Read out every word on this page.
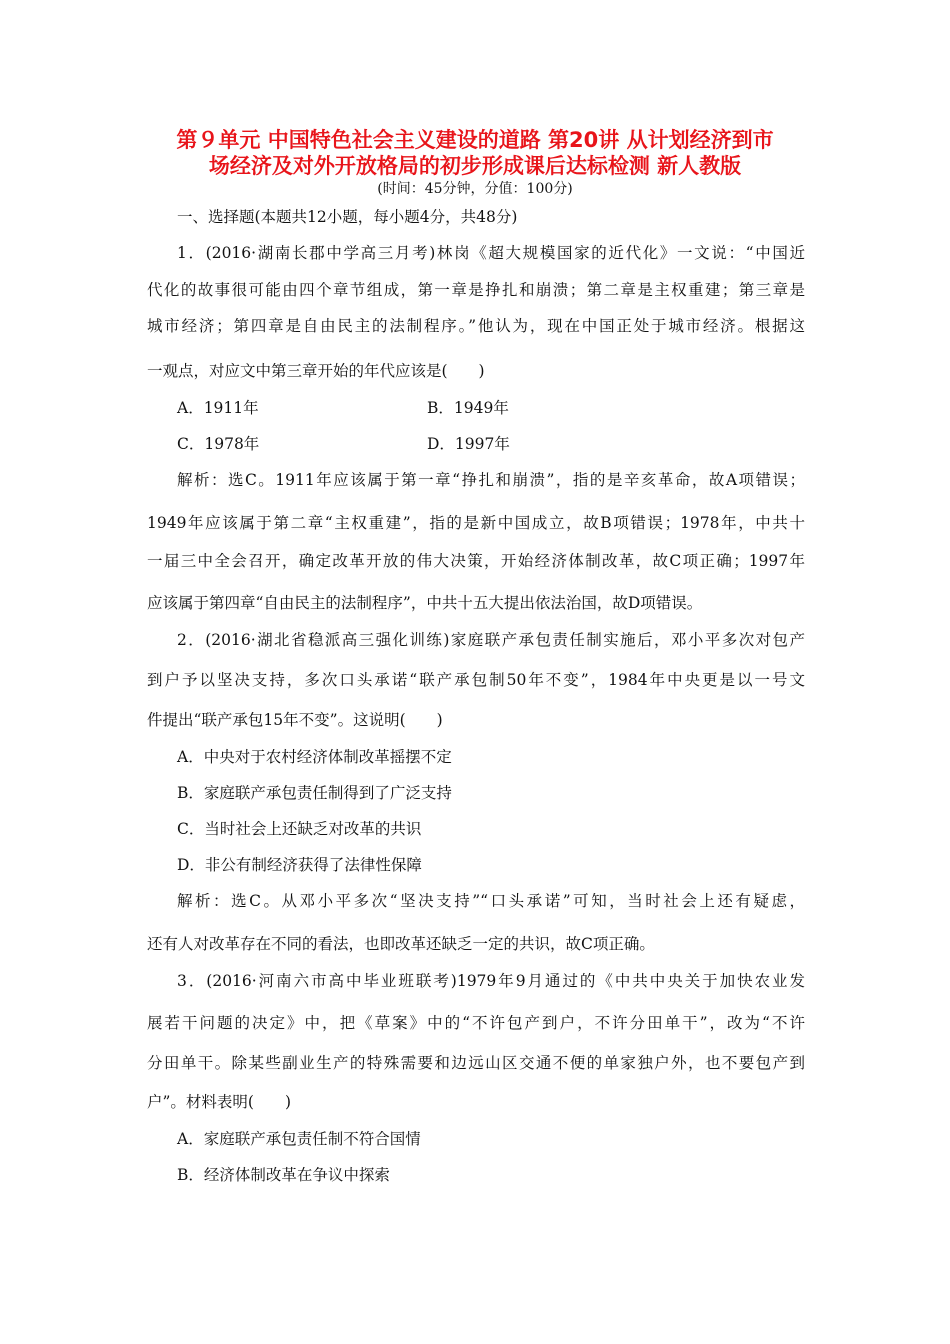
第９单元 中国特色社会主义建设的道路 第20讲 从计划经济到市
场经济及对外开放格局的初步形成课后达标检测 新人教版
(时间：45分钟，分值：100分)
一、选择题(本题共12小题，每小题4分，共48分)
1．(2016·湖南长郡中学高三月考)林岗《超大规模国家的近代化》一文说：“中国近
代化的故事很可能由四个章节组成，第一章是挣扎和崩溃；第二章是主权重建；第三章是
城市经济；第四章是自由民主的法制程序。”他认为，现在中国正处于城市经济。根据这
一观点，对应文中第三章开始的年代应该是(　　)
A．1911年	B．1949年
C．1978年	D．1997年
解析：选C。1911年应该属于第一章“挣扎和崩溃”，指的是辛亥革命，故A项错误；
1949年应该属于第二章“主权重建”，指的是新中国成立，故B项错误；1978年，中共十
一届三中全会召开，确定改革开放的伟大决策，开始经济体制改革，故C项正确；1997年
应该属于第四章“自由民主的法制程序”，中共十五大提出依法治国，故D项错误。
2．(2016·湖北省稳派高三强化训练)家庭联产承包责任制实施后，邓小平多次对包产
到户予以坚决支持，多次口头承诺“联产承包制50年不变”，1984年中央更是以一号文
件提出“联产承包15年不变”。这说明(　　)
A．中央对于农村经济体制改革摇摆不定
B．家庭联产承包责任制得到了广泛支持
C．当时社会上还缺乏对改革的共识
D．非公有制经济获得了法律性保障
解析：选C。从邓小平多次“坚决支持”“口头承诺”可知，当时社会上还有疑虑，
还有人对改革存在不同的看法，也即改革还缺乏一定的共识，故C项正确。
3．(2016·河南六市高中毕业班联考)1979年9月通过的《中共中央关于加快农业发
展若干问题的决定》中，把《草案》中的“不许包产到户，不许分田单干”，改为“不许
分田单干。除某些副业生产的特殊需要和边远山区交通不便的单家独户外，也不要包产到
户”。材料表明(　　)
A．家庭联产承包责任制不符合国情
B．经济体制改革在争议中探索
